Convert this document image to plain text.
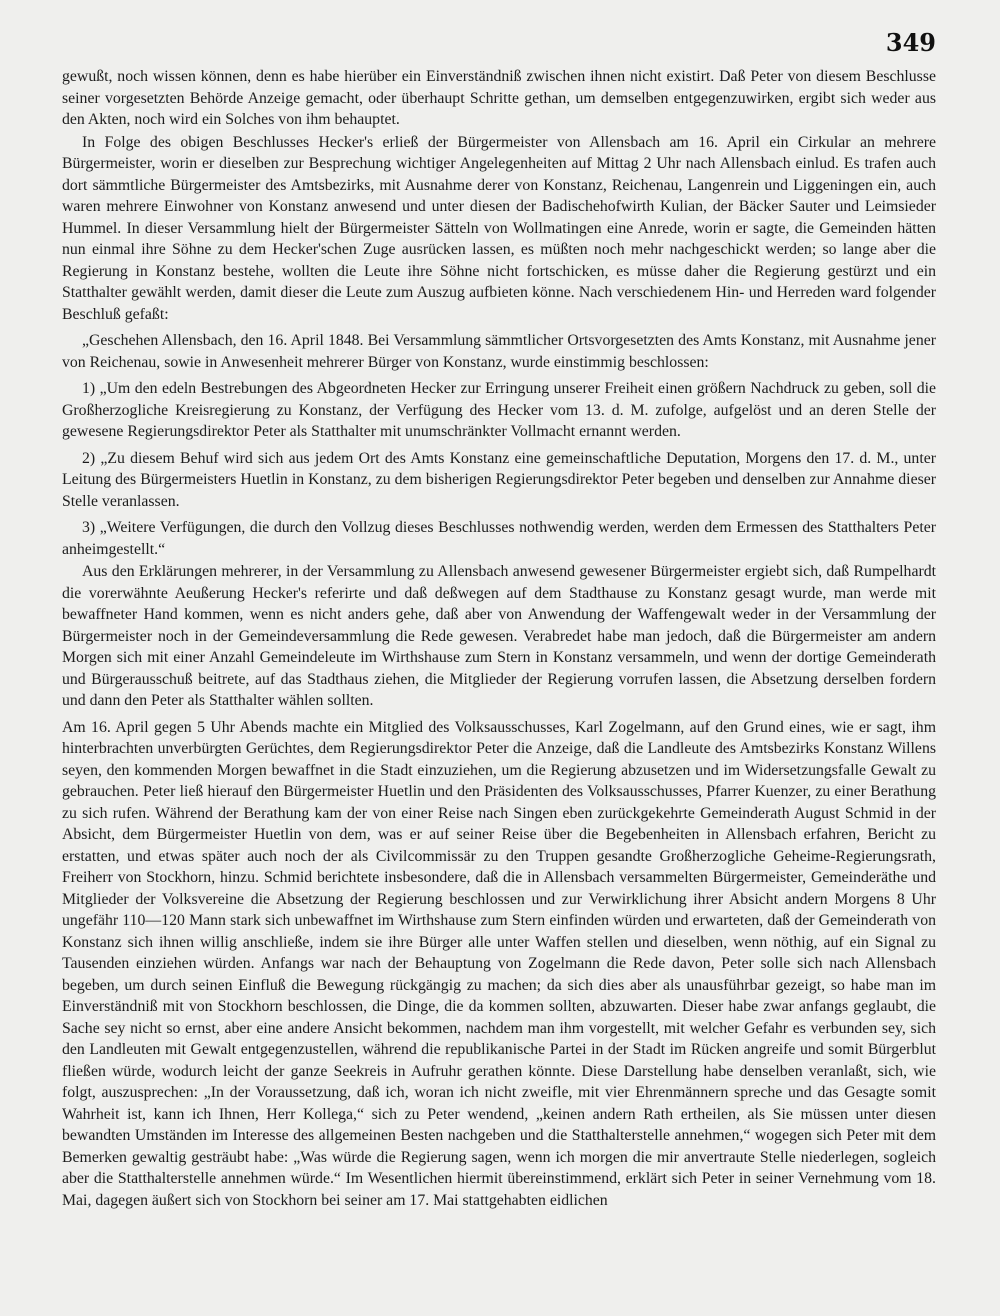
349

gewußt, noch wissen können, denn es habe hierüber ein Einverständniß zwischen ihnen nicht existirt. Daß Peter von diesem Beschlusse seiner vorgesetzten Behörde Anzeige gemacht, oder überhaupt Schritte gethan, um demselben entgegenzuwirken, ergibt sich weder aus den Akten, noch wird ein Solches von ihm behauptet.

In Folge des obigen Beschlusses Hecker's erließ der Bürgermeister von Allensbach am 16. April ein Cirkular an mehrere Bürgermeister, worin er dieselben zur Besprechung wichtiger Angelegenheiten auf Mittag 2 Uhr nach Allensbach einlud. Es trafen auch dort sämmtliche Bürgermeister des Amtsbezirks, mit Ausnahme derer von Konstanz, Reichenau, Langenrein und Liggeningen ein, auch waren mehrere Einwohner von Konstanz anwesend und unter diesen der Badischehofwirth Kulian, der Bäcker Sauter und Leimsieder Hummel. In dieser Versammlung hielt der Bürgermeister Sätteln von Wollmatingen eine Anrede, worin er sagte, die Gemeinden hätten nun einmal ihre Söhne zu dem Hecker'schen Zuge ausrücken lassen, es müßten noch mehr nachgeschickt werden; so lange aber die Regierung in Konstanz bestehe, wollten die Leute ihre Söhne nicht fortschicken, es müsse daher die Regierung gestürzt und ein Statthalter gewählt werden, damit dieser die Leute zum Auszug aufbieten könne. Nach verschiedenem Hin- und Herreden ward folgender Beschluß gefaßt:

„Geschehen Allensbach, den 16. April 1848. Bei Versammlung sämmtlicher Ortsvorgesetzten des Amts Konstanz, mit Ausnahme jener von Reichenau, sowie in Anwesenheit mehrerer Bürger von Konstanz, wurde einstimmig beschlossen:

1) „Um den edeln Bestrebungen des Abgeordneten Hecker zur Erringung unserer Freiheit einen größern Nachdruck zu geben, soll die Großherzogliche Kreisregierung zu Konstanz, der Verfügung des Hecker vom 13. d. M. zufolge, aufgelöst und an deren Stelle der gewesene Regierungsdirektor Peter als Statthalter mit unumschränkter Vollmacht ernannt werden.

2) „Zu diesem Behuf wird sich aus jedem Ort des Amts Konstanz eine gemeinschaftliche Deputation, Morgens den 17. d. M., unter Leitung des Bürgermeisters Huetlin in Konstanz, zu dem bisherigen Regierungsdirektor Peter begeben und denselben zur Annahme dieser Stelle veranlassen.

3) „Weitere Verfügungen, die durch den Vollzug dieses Beschlusses nothwendig werden, werden dem Ermessen des Statthalters Peter anheimgestellt.“

Aus den Erklärungen mehrerer, in der Versammlung zu Allensbach anwesend gewesener Bürgermeister ergiebt sich, daß Rumpelhardt die vorerwähnte Aeußerung Hecker's referirte und daß deßwegen auf dem Stadthause zu Konstanz gesagt wurde, man werde mit bewaffneter Hand kommen, wenn es nicht anders gehe, daß aber von Anwendung der Waffengewalt weder in der Versammlung der Bürgermeister noch in der Gemeindeversammlung die Rede gewesen. Verabredet habe man jedoch, daß die Bürgermeister am andern Morgen sich mit einer Anzahl Gemeindeleute im Wirthshause zum Stern in Konstanz versammeln, und wenn der dortige Gemeinderath und Bürgerausschuß beitrete, auf das Stadthaus ziehen, die Mitglieder der Regierung vorrufen lassen, die Absetzung derselben fordern und dann den Peter als Statthalter wählen sollten.

Am 16. April gegen 5 Uhr Abends machte ein Mitglied des Volksausschusses, Karl Zogelmann, auf den Grund eines, wie er sagt, ihm hinterbrachten unverbürgten Gerüchtes, dem Regierungsdirektor Peter die Anzeige, daß die Landleute des Amtsbezirks Konstanz Willens seyen, den kommenden Morgen bewaffnet in die Stadt einzuziehen, um die Regierung abzusetzen und im Widersetzungsfalle Gewalt zu gebrauchen. Peter ließ hierauf den Bürgermeister Huetlin und den Präsidenten des Volksausschusses, Pfarrer Kuenzer, zu einer Berathung zu sich rufen. Während der Berathung kam der von einer Reise nach Singen eben zurückgekehrte Gemeinderath August Schmid in der Absicht, dem Bürgermeister Huetlin von dem, was er auf seiner Reise über die Begebenheiten in Allensbach erfahren, Bericht zu erstatten, und etwas später auch noch der als Civilcommissär zu den Truppen gesandte Großherzogliche Geheime-Regierungsrath, Freiherr von Stockhorn, hinzu. Schmid berichtete insbesondere, daß die in Allensbach versammelten Bürgermeister, Gemeinderäthe und Mitglieder der Volksvereine die Absetzung der Regierung beschlossen und zur Verwirklichung ihrer Absicht andern Morgens 8 Uhr ungefähr 110—120 Mann stark sich unbewaffnet im Wirthshause zum Stern einfinden würden und erwarteten, daß der Gemeinderath von Konstanz sich ihnen willig anschließe, indem sie ihre Bürger alle unter Waffen stellen und dieselben, wenn nöthig, auf ein Signal zu Tausenden einziehen würden. Anfangs war nach der Behauptung von Zogelmann die Rede davon, Peter solle sich nach Allensbach begeben, um durch seinen Einfluß die Bewegung rückgängig zu machen; da sich dies aber als unausführbar gezeigt, so habe man im Einverständniß mit von Stockhorn beschlossen, die Dinge, die da kommen sollten, abzuwarten. Dieser habe zwar anfangs geglaubt, die Sache sey nicht so ernst, aber eine andere Ansicht bekommen, nachdem man ihm vorgestellt, mit welcher Gefahr es verbunden sey, sich den Landleuten mit Gewalt entgegenzustellen, während die republikanische Partei in der Stadt im Rücken angreife und somit Bürgerblut fließen würde, wodurch leicht der ganze Seekreis in Aufruhr gerathen könnte. Diese Darstellung habe denselben veranlaßt, sich, wie folgt, auszusprechen: „In der Voraussetzung, daß ich, woran ich nicht zweifle, mit vier Ehrenmännern spreche und das Gesagte somit Wahrheit ist, kann ich Ihnen, Herr Kollega,“ sich zu Peter wendend, „keinen andern Rath ertheilen, als Sie müssen unter diesen bewandten Umständen im Interesse des allgemeinen Besten nachgeben und die Statthalterstelle annehmen,“ wogegen sich Peter mit dem Bemerken gewaltig gesträubt habe: „Was würde die Regierung sagen, wenn ich morgen die mir anvertraute Stelle niederlegen, sogleich aber die Statthalterstelle annehmen würde.“ Im Wesentlichen hiermit übereinstimmend, erklärt sich Peter in seiner Vernehmung vom 18. Mai, dagegen äußert sich von Stockhorn bei seiner am 17. Mai stattgehabten eidlichen
